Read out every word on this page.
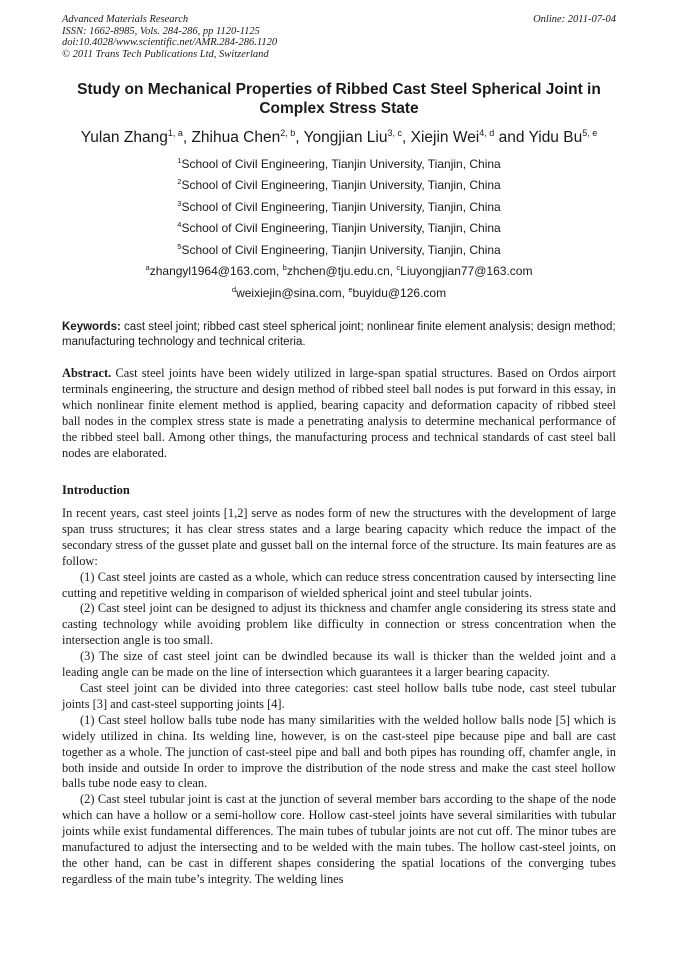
Advanced Materials Research
ISSN: 1662-8985, Vols. 284-286, pp 1120-1125
doi:10.4028/www.scientific.net/AMR.284-286.1120
© 2011 Trans Tech Publications Ltd, Switzerland
Online: 2011-07-04
Study on Mechanical Properties of Ribbed Cast Steel Spherical Joint in Complex Stress State
Yulan Zhang$^{1, a}$, Zhihua Chen$^{2, b}$, Yongjian Liu$^{3, c}$, Xiejin Wei$^{4, d}$ and Yidu Bu$^{5, e}$
$^1$School of Civil Engineering, Tianjin University, Tianjin, China
$^2$School of Civil Engineering, Tianjin University, Tianjin, China
$^3$School of Civil Engineering, Tianjin University, Tianjin, China
$^4$School of Civil Engineering, Tianjin University, Tianjin, China
$^5$School of Civil Engineering, Tianjin University, Tianjin, China
$^a$zhangyl1964@163.com, $^b$zhchen@tju.edu.cn, $^c$Liuyongjian77@163.com
$^d$weixiejin@sina.com, $^e$buyidu@126.com
Keywords: cast steel joint; ribbed cast steel spherical joint; nonlinear finite element analysis; design method; manufacturing technology and technical criteria.

Abstract. Cast steel joints have been widely utilized in large-span spatial structures. Based on Ordos airport terminals engineering, the structure and design method of ribbed steel ball nodes is put forward in this essay, in which nonlinear finite element method is applied, bearing capacity and deformation capacity of ribbed steel ball nodes in the complex stress state is made a penetrating analysis to determine mechanical performance of the ribbed steel ball. Among other things, the manufacturing process and technical standards of cast steel ball nodes are elaborated.

Introduction

In recent years, cast steel joints [1,2] serve as nodes form of new the structures with the development of large span truss structures; it has clear stress states and a large bearing capacity which reduce the impact of the secondary stress of the gusset plate and gusset ball on the internal force of the structure. Its main features are as follow:

(1) Cast steel joints are casted as a whole, which can reduce stress concentration caused by intersecting line cutting and repetitive welding in comparison of wielded spherical joint and steel tubular joints.

(2) Cast steel joint can be designed to adjust its thickness and chamfer angle considering its stress state and casting technology while avoiding problem like difficulty in connection or stress concentration when the intersection angle is too small.

(3) The size of cast steel joint can be dwindled because its wall is thicker than the welded joint and a leading angle can be made on the line of intersection which guarantees it a larger bearing capacity.

Cast steel joint can be divided into three categories: cast steel hollow balls tube node, cast steel tubular joints [3] and cast-steel supporting joints [4].

(1) Cast steel hollow balls tube node has many similarities with the welded hollow balls node [5] which is widely utilized in china. Its welding line, however, is on the cast-steel pipe because pipe and ball are cast together as a whole. The junction of cast-steel pipe and ball and both pipes has rounding off, chamfer angle, in both inside and outside In order to improve the distribution of the node stress and make the cast steel hollow balls tube node easy to clean.

(2) Cast steel tubular joint is cast at the junction of several member bars according to the shape of the node which can have a hollow or a semi-hollow core. Hollow cast-steel joints have several similarities with tubular joints while exist fundamental differences. The main tubes of tubular joints are not cut off. The minor tubes are manufactured to adjust the intersecting and to be welded with the main tubes. The hollow cast-steel joints, on the other hand, can be cast in different shapes considering the spatial locations of the converging tubes regardless of the main tube’s integrity. The welding lines
